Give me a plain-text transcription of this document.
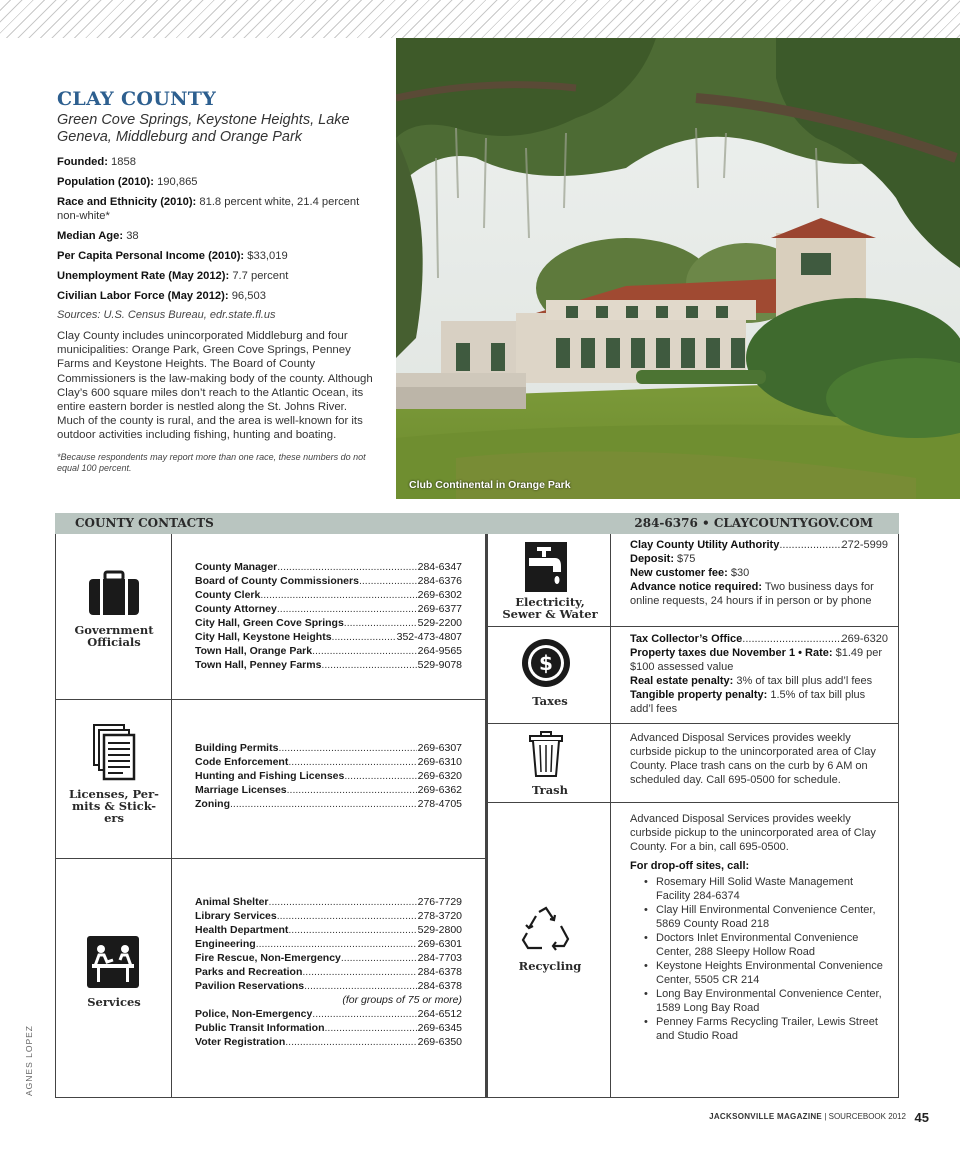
CLAY COUNTY
Green Cove Springs, Keystone Heights, Lake Geneva, Middleburg and Orange Park
Founded: 1858
Population (2010): 190,865
Race and Ethnicity (2010): 81.8 percent white, 21.4 percent non-white*
Median Age: 38
Per Capita Personal Income (2010): $33,019
Unemployment Rate (May 2012): 7.7 percent
Civilian Labor Force (May 2012): 96,503
Sources: U.S. Census Bureau, edr.state.fl.us
Clay County includes unincorporated Middleburg and four municipalities: Orange Park, Green Cove Springs, Penney Farms and Keystone Heights. The Board of County Commissioners is the law-making body of the county. Although Clay’s 600 square miles don’t reach to the Atlantic Ocean, its entire eastern border is nestled along the St. Johns River. Much of the county is rural, and the area is well-known for its outdoor activities including fishing, hunting and boating.
*Because respondents may report more than one race, these numbers do not equal 100 percent.
Club Continental in Orange Park
COUNTY CONTACTS	284-6376 • CLAYCOUNTYGOV.COM
Government Officials
County Manager .....	284-6347
Board of County Commissioners .....	284-6376
County Clerk .....	269-6302
County Attorney .....	269-6377
City Hall, Green Cove Springs .....	529-2200
City Hall, Keystone Heights .....	352-473-4807
Town Hall, Orange Park .....	264-9565
Town Hall, Penney Farms .....	529-9078
Licenses, Per-
mits & Stick-
ers
Building Permits .....	269-6307
Code Enforcement .....	269-6310
Hunting and Fishing Licenses .....	269-6320
Marriage Licenses .....	269-6362
Zoning .....	278-4705
Services
Animal Shelter .....	276-7729
Library Services .....	278-3720
Health Department .....	529-2800
Engineering .....	269-6301
Fire Rescue, Non-Emergency .....	284-7703
Parks and Recreation .....	284-6378
Pavilion Reservations .....	284-6378
(for groups of 75 or more)
Police, Non-Emergency .....	264-6512
Public Transit Information .....	269-6345
Voter Registration .....	269-6350
Electricity,
Sewer & Water
Clay County Utility Authority .....	272-5999
Deposit: $75
New customer fee: $30
Advance notice required: Two business days for online requests, 24 hours if in person or by phone
$
Taxes
Tax Collector’s Office .....	269-6320
Property taxes due November 1 • Rate: $1.49 per $100 assessed value
Real estate penalty: 3% of tax bill plus add’l fees
Tangible property penalty: 1.5% of tax bill plus add’l fees
Trash
Advanced Disposal Services provides weekly curbside pickup to the unincorporated area of Clay County. Place trash cans on the curb by 6 AM on scheduled day. Call 695-0500 for schedule.
Recycling
Advanced Disposal Services provides weekly curbside pickup to the unincorporated area of Clay County. For a bin, call 695-0500.
For drop-off sites, call:
• Rosemary Hill Solid Waste Management Facility 284-6374
• Clay Hill Environmental Convenience Center, 5869 County Road 218
• Doctors Inlet Environmental Convenience Center, 288 Sleepy Hollow Road
• Keystone Heights Environmental Convenience Center, 5505 CR 214
• Long Bay Environmental Convenience Center, 1589 Long Bay Road
• Penney Farms Recycling Trailer, Lewis Street and Studio Road
AGNES LOPEZ
JACKSONVILLE MAGAZINE | SOURCEBOOK 2012 45
